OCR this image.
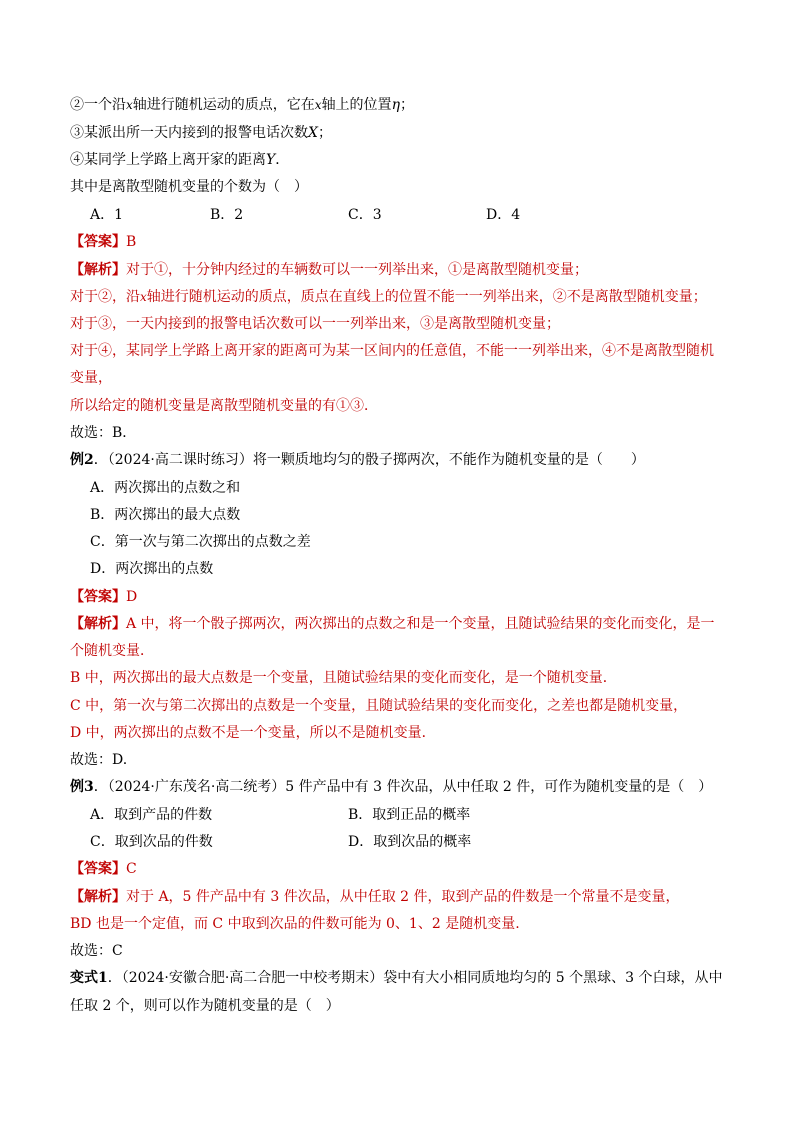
②一个沿x轴进行随机运动的质点，它在x轴上的位置η；
③某派出所一天内接到的报警电话次数X；
④某同学上学路上离开家的距离Y．
其中是离散型随机变量的个数为（　）
A．1	B．2	C．3	D．4
【答案】B
【解析】对于①，十分钟内经过的车辆数可以一一列举出来，①是离散型随机变量；
对于②，沿x轴进行随机运动的质点，质点在直线上的位置不能一一列举出来，②不是离散型随机变量；
对于③，一天内接到的报警电话次数可以一一列举出来，③是离散型随机变量；
对于④，某同学上学路上离开家的距离可为某一区间内的任意值，不能一一列举出来，④不是离散型随机
变量，
所以给定的随机变量是离散型随机变量的有①③．
故选：B．
例2．（2024·高二课时练习）将一颗质地均匀的骰子掷两次，不能作为随机变量的是（　　）
A．两次掷出的点数之和
B．两次掷出的最大点数
C．第一次与第二次掷出的点数之差
D．两次掷出的点数
【答案】D
【解析】A 中，将一个骰子掷两次，两次掷出的点数之和是一个变量，且随试验结果的变化而变化，是一
个随机变量．
B 中，两次掷出的最大点数是一个变量，且随试验结果的变化而变化，是一个随机变量．
C 中，第一次与第二次掷出的点数是一个变量，且随试验结果的变化而变化，之差也都是随机变量，
D 中，两次掷出的点数不是一个变量，所以不是随机变量．
故选：D.
例3．（2024·广东茂名·高二统考）5 件产品中有 3 件次品，从中任取 2 件，可作为随机变量的是（　）
A．取到产品的件数	B．取到正品的概率
C．取到次品的件数	D．取到次品的概率
【答案】C
【解析】对于 A，5 件产品中有 3 件次品，从中任取 2 件，取到产品的件数是一个常量不是变量，
BD 也是一个定值，而 C 中取到次品的件数可能为 0、1、2 是随机变量.
故选：C
变式1．（2024·安徽合肥·高二合肥一中校考期末）袋中有大小相同质地均匀的 5 个黑球、3 个白球，从中
任取 2 个，则可以作为随机变量的是（　）
